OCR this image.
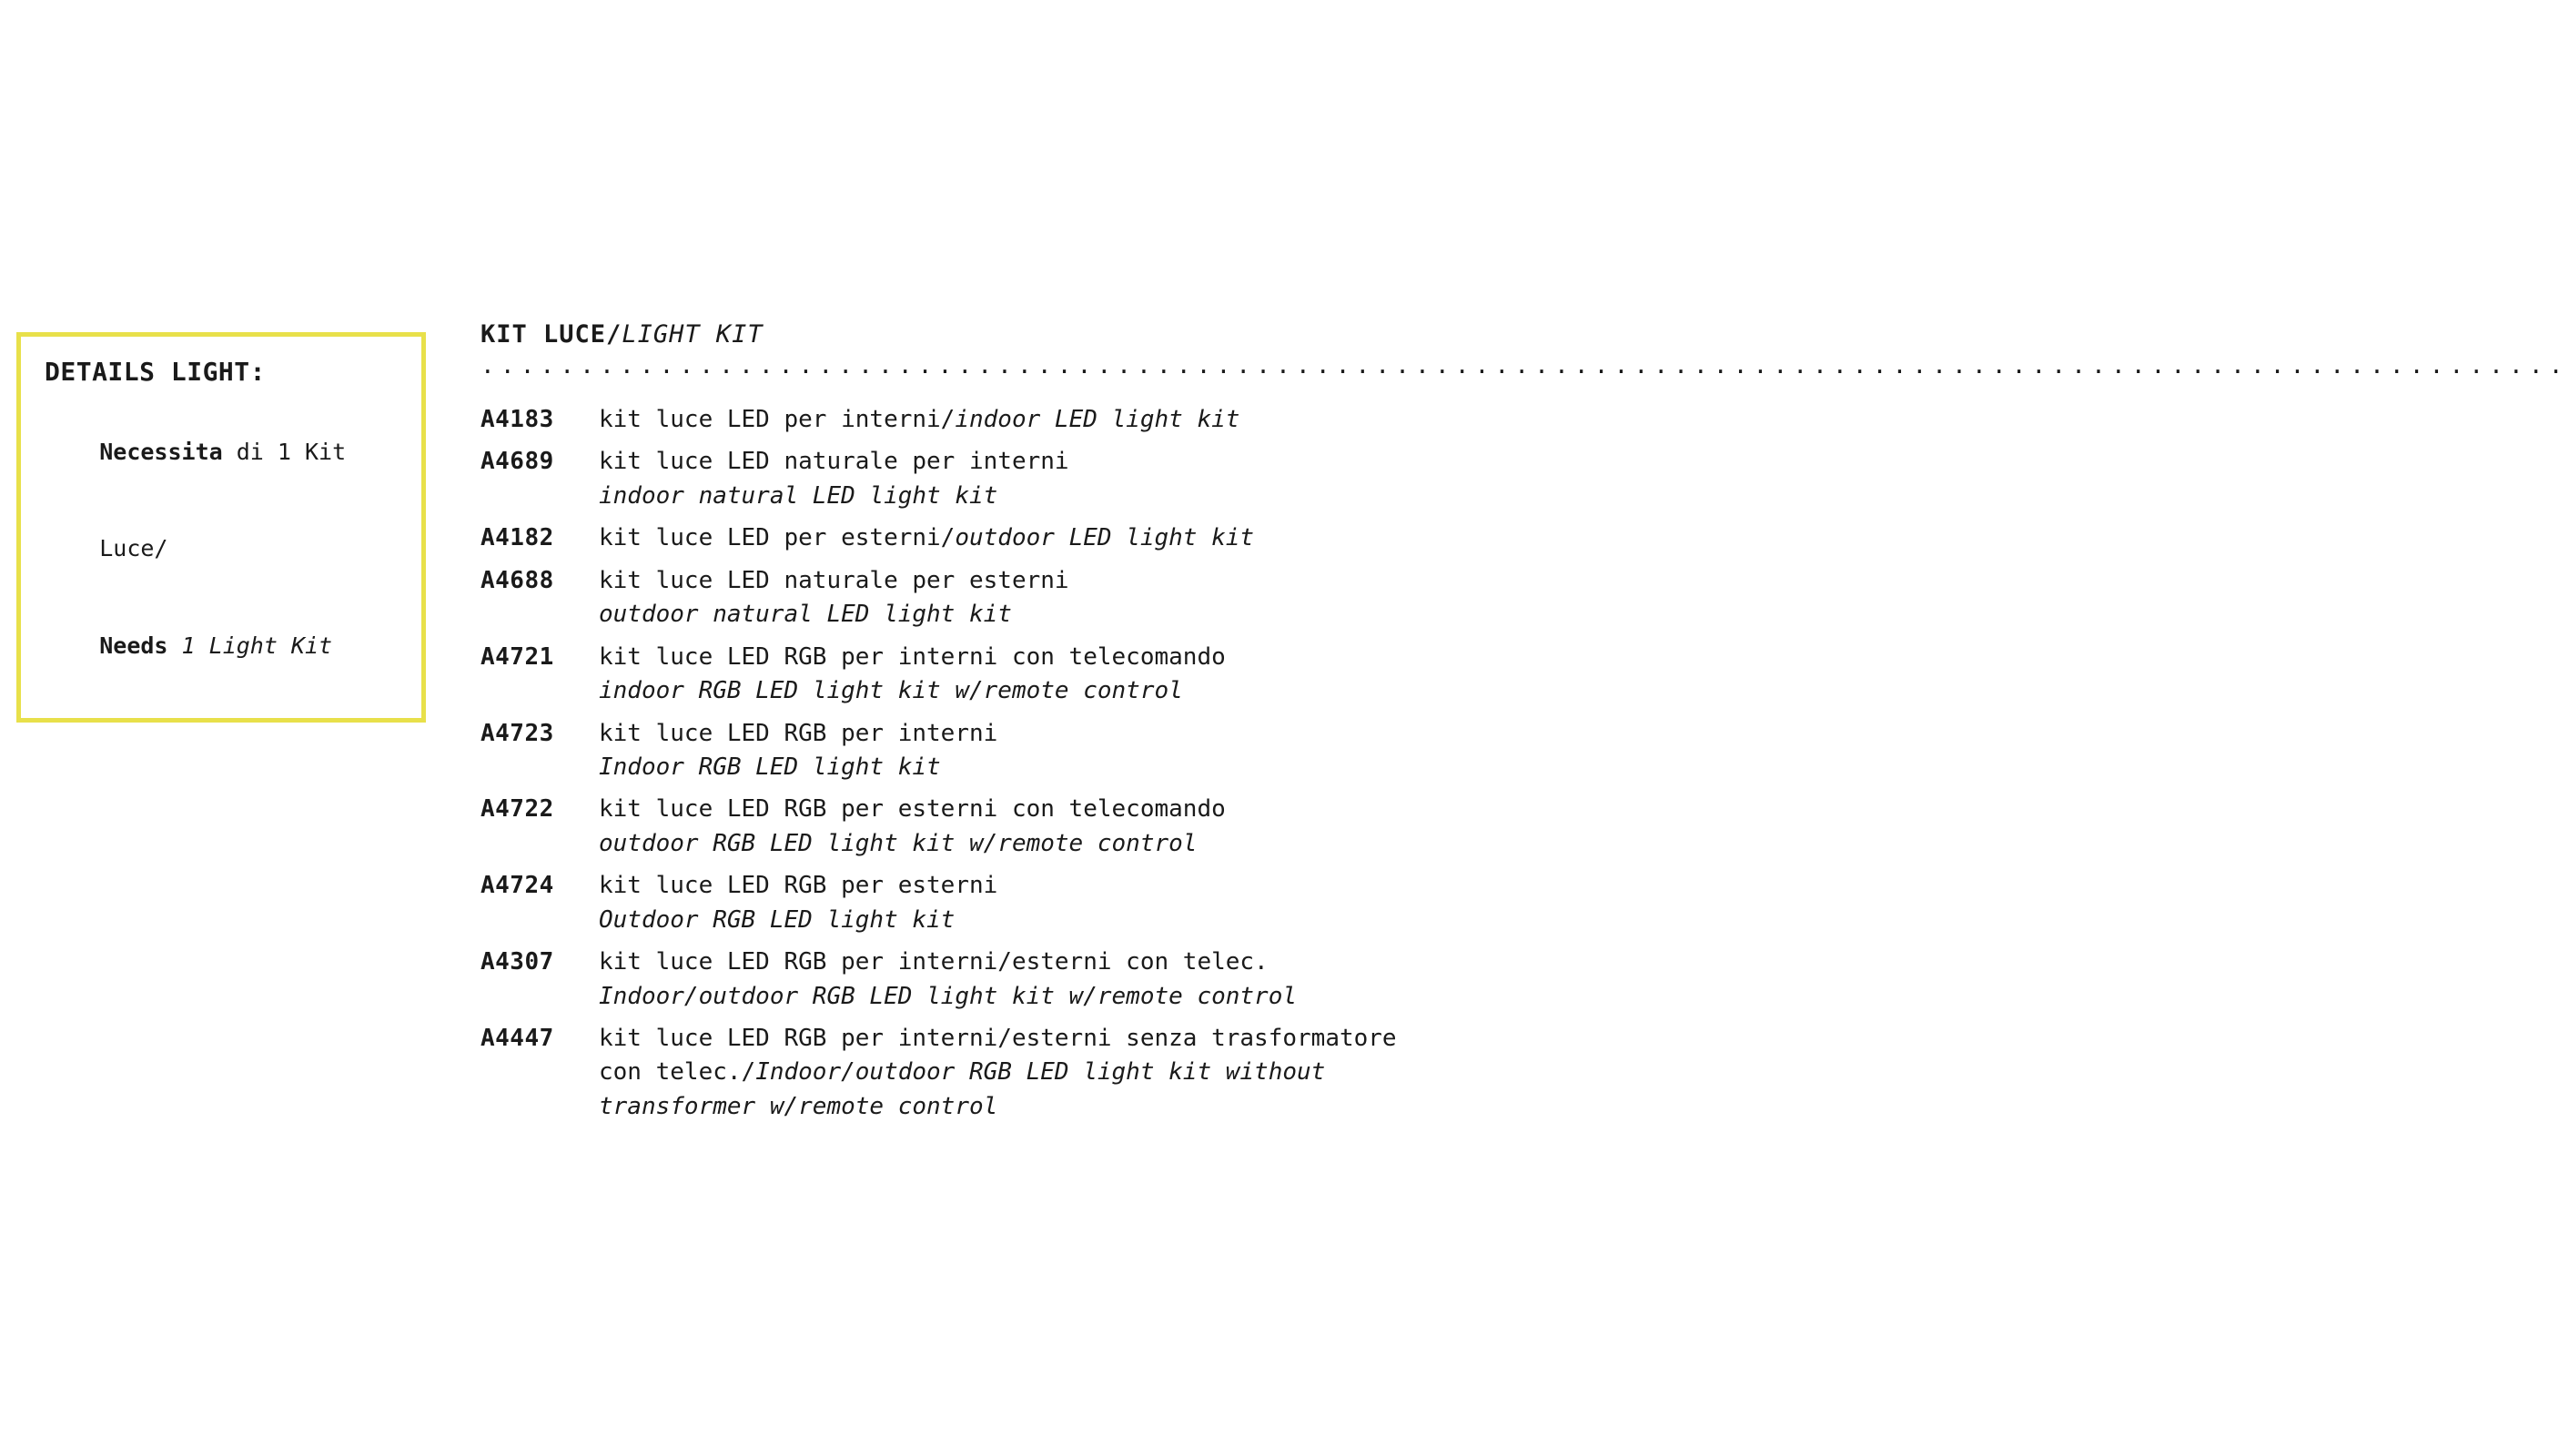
DETAILS LIGHT:

Necessita di 1 Kit

Luce/

Needs 1 Light Kit

KIT LUCE/LIGHT KIT
.........................................................................................................
A4183	kit luce LED per interni/indoor LED light kit
A4689	kit luce LED naturale per interni
indoor natural LED light kit
A4182	kit luce LED per esterni/outdoor LED light kit
A4688	kit luce LED naturale per esterni
outdoor natural LED light kit
A4721	kit luce LED RGB per interni con telecomando
indoor RGB LED light kit w/remote control
A4723	kit luce LED RGB per interni
Indoor RGB LED light kit
A4722	kit luce LED RGB per esterni con telecomando
outdoor RGB LED light kit w/remote control
A4724	kit luce LED RGB per esterni
Outdoor RGB LED light kit
A4307	kit luce LED RGB per interni/esterni con telec.
Indoor/outdoor RGB LED light kit w/remote control
A4447	kit luce LED RGB per interni/esterni senza trasformatore con telec./Indoor/outdoor RGB LED light kit without transformer w/remote control
